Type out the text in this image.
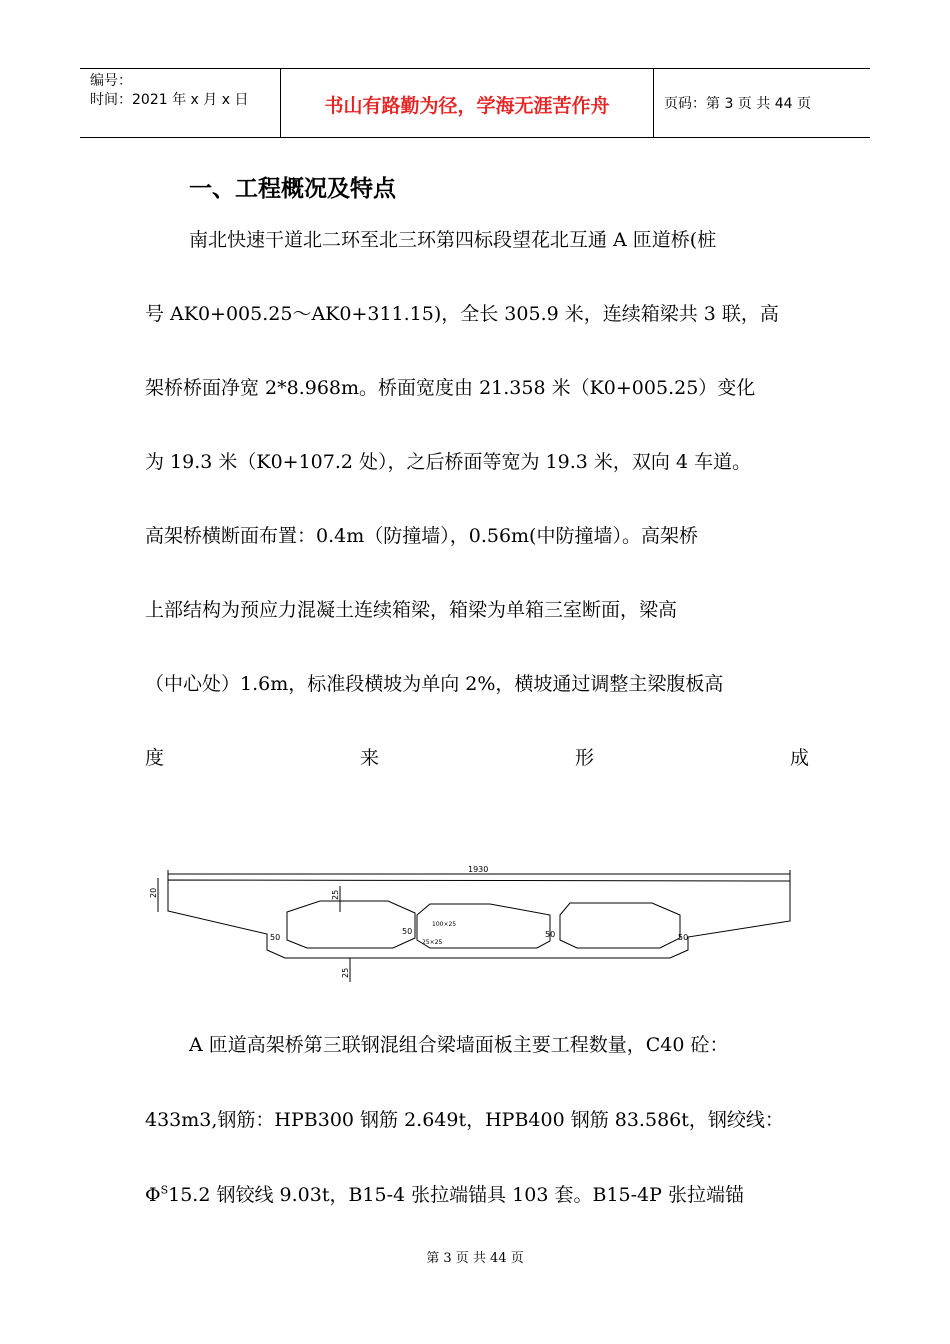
编号：
时间：2021 年 x 月 x 日	书山有路勤为径，学海无涯苦作舟	页码：第 3 页 共 44 页
一、工程概况及特点
南北快速干道北二环至北三环第四标段望花北互通 A 匝道桥(桩
号 AK0+005.25～AK0+311.15)，全长 305.9 米，连续箱梁共 3 联，高
架桥桥面净宽 2*8.968m。桥面宽度由 21.358 米（K0+005.25）变化
为 19.3 米（K0+107.2 处），之后桥面等宽为 19.3 米，双向 4 车道。
高架桥横断面布置：0.4m（防撞墙），0.56m(中防撞墙）。高架桥
上部结构为预应力混凝土连续箱梁，箱梁为单箱三室断面，梁高
（中心处）1.6m，标准段横坡为单向 2%，横坡通过调整主梁腹板高
度	来	形	成
1930
20	25
25
50
50	50	50
100×25
25×25
A 匝道高架桥第三联钢混组合梁墙面板主要工程数量，C40 砼：
433m3,钢筋：HPB300 钢筋 2.649t，HPB400 钢筋 83.586t，钢绞线：
$\Phi^S15.2$ 钢铰线 9.03t，B15-4 张拉端锚具 103 套。B15-4P 张拉端锚
第 3 页 共 44 页
